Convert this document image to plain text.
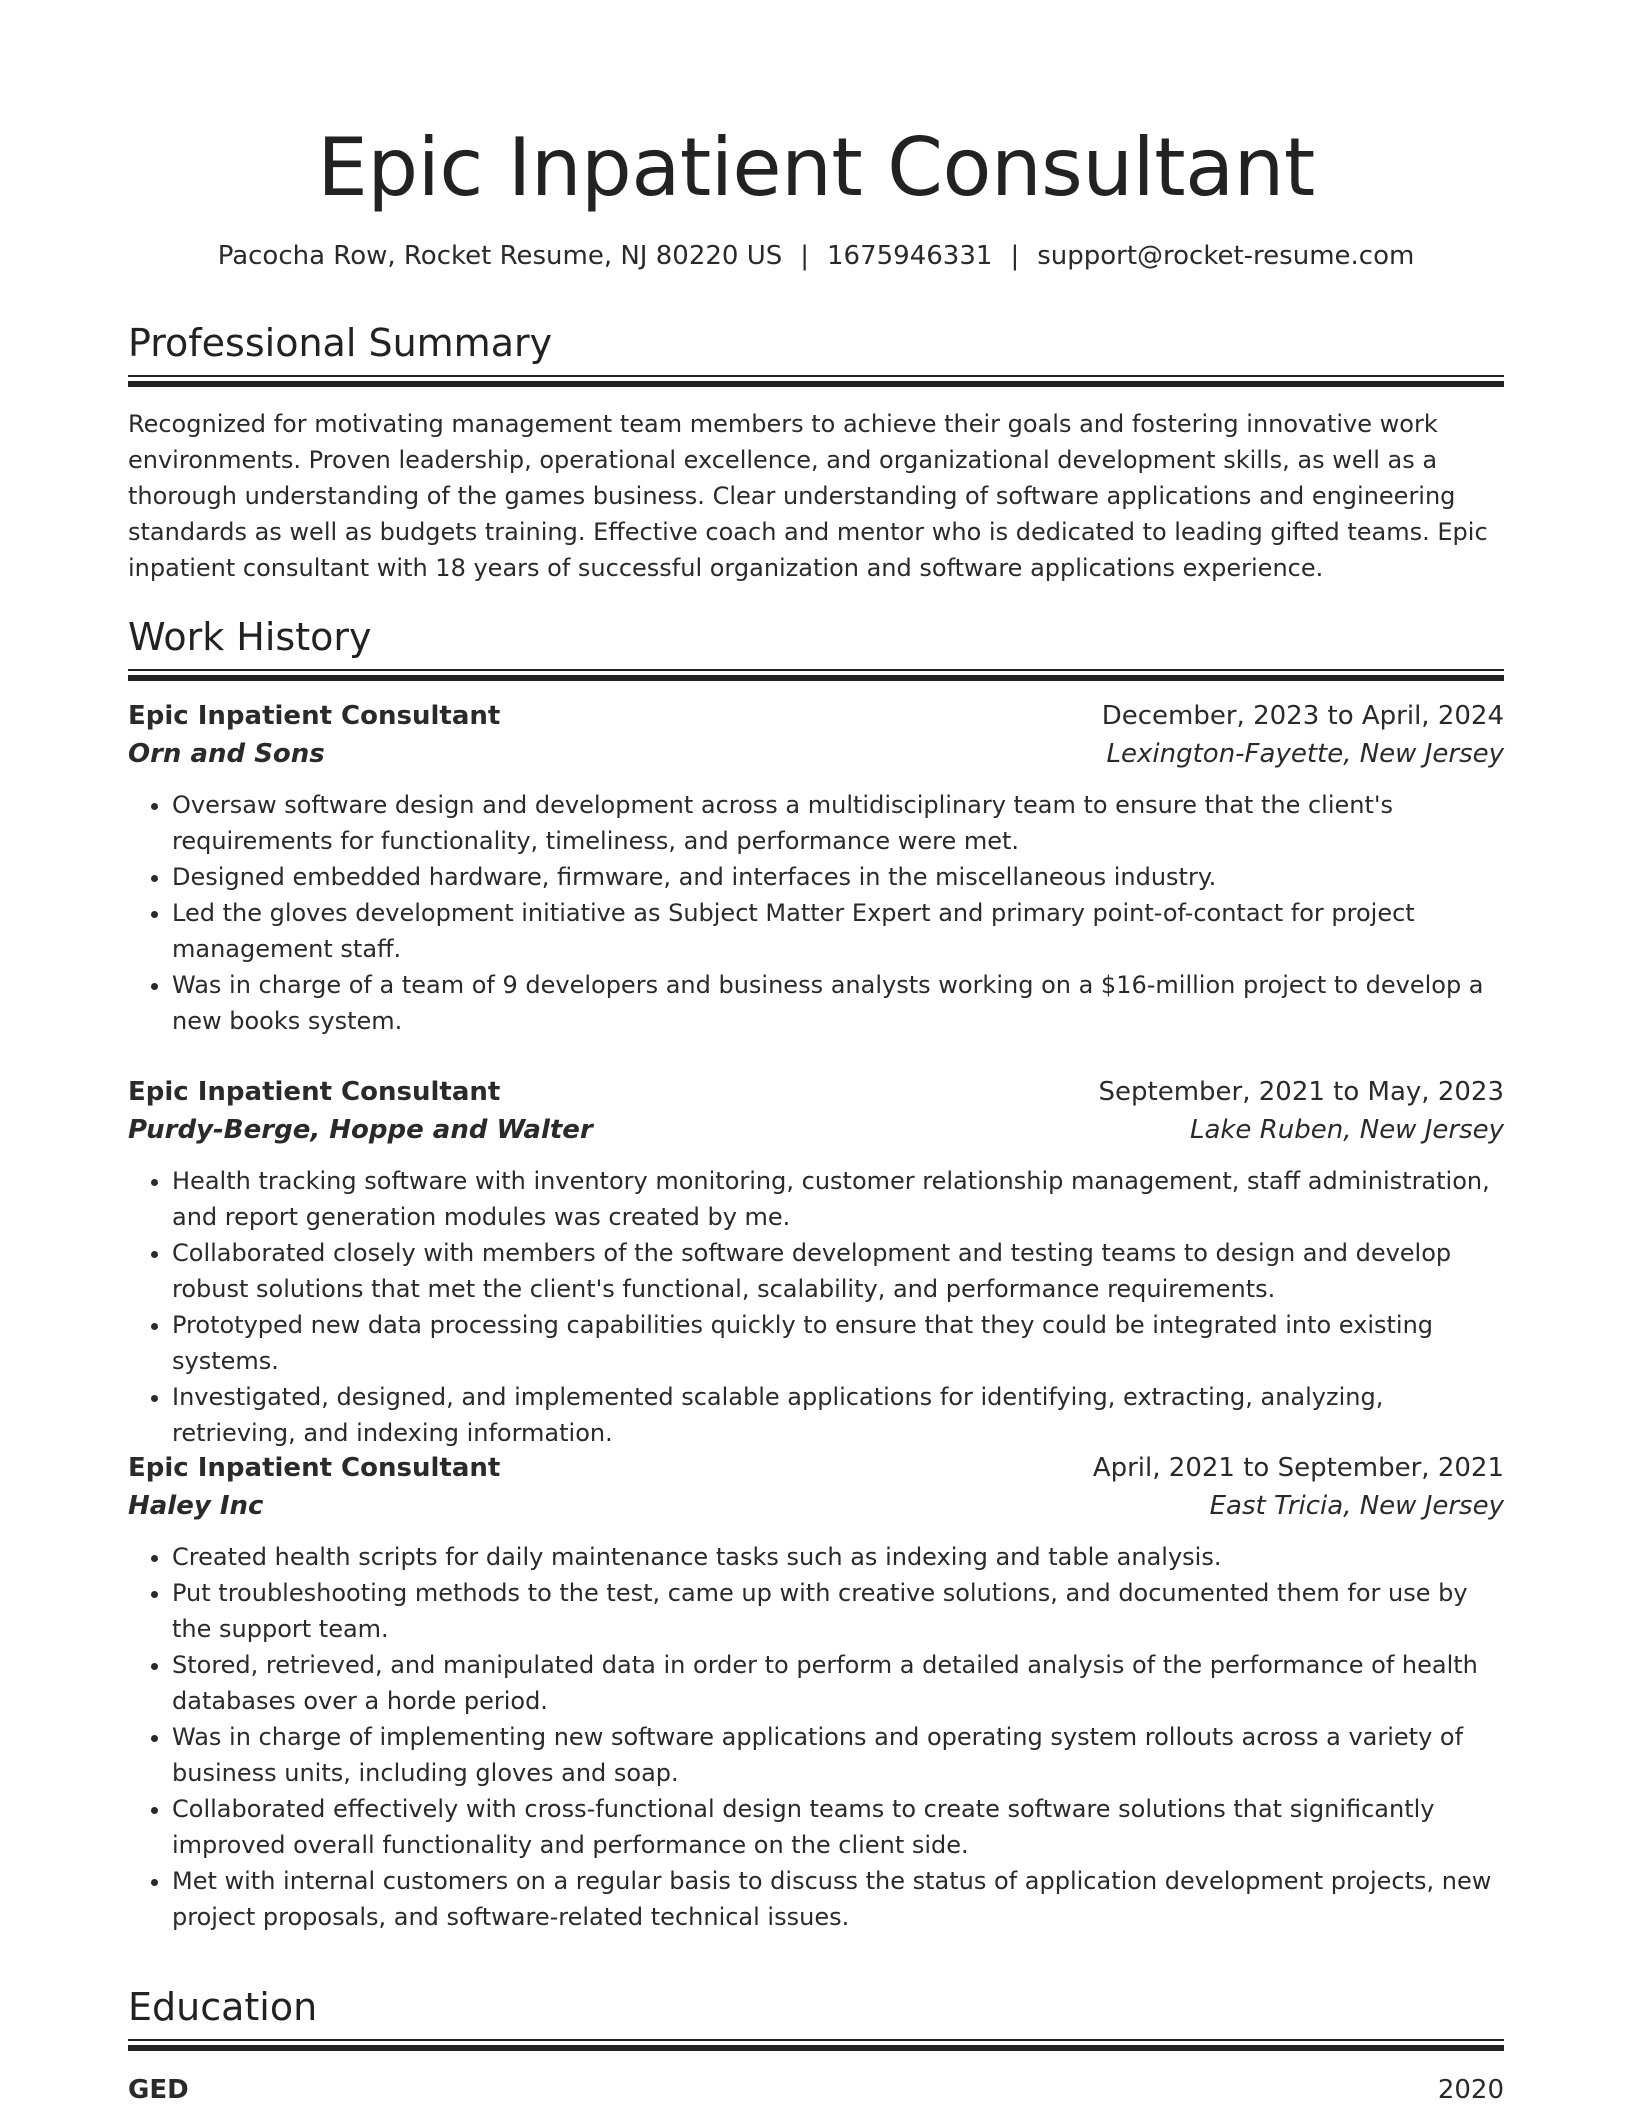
Epic Inpatient Consultant
Pacocha Row, Rocket Resume, NJ 80220 US | 1675946331 | support@rocket-resume.com
Professional Summary

Recognized for motivating management team members to achieve their goals and fostering innovative work environments. Proven leadership, operational excellence, and organizational development skills, as well as a thorough understanding of the games business. Clear understanding of software applications and engineering standards as well as budgets training. Effective coach and mentor who is dedicated to leading gifted teams. Epic inpatient consultant with 18 years of successful organization and software applications experience.

Work History
Epic Inpatient Consultant	December, 2023 to April, 2024
Orn and Sons	Lexington-Fayette, New Jersey
• Oversaw software design and development across a multidisciplinary team to ensure that the client's requirements for functionality, timeliness, and performance were met.
• Designed embedded hardware, firmware, and interfaces in the miscellaneous industry.
• Led the gloves development initiative as Subject Matter Expert and primary point-of-contact for project management staff.
• Was in charge of a team of 9 developers and business analysts working on a $16-million project to develop a new books system.
Epic Inpatient Consultant	September, 2021 to May, 2023
Purdy-Berge, Hoppe and Walter	Lake Ruben, New Jersey
• Health tracking software with inventory monitoring, customer relationship management, staff administration, and report generation modules was created by me.
• Collaborated closely with members of the software development and testing teams to design and develop robust solutions that met the client's functional, scalability, and performance requirements.
• Prototyped new data processing capabilities quickly to ensure that they could be integrated into existing systems.
• Investigated, designed, and implemented scalable applications for identifying, extracting, analyzing, retrieving, and indexing information.
Epic Inpatient Consultant	April, 2021 to September, 2021
Haley Inc	East Tricia, New Jersey
• Created health scripts for daily maintenance tasks such as indexing and table analysis.
• Put troubleshooting methods to the test, came up with creative solutions, and documented them for use by the support team.
• Stored, retrieved, and manipulated data in order to perform a detailed analysis of the performance of health databases over a horde period.
• Was in charge of implementing new software applications and operating system rollouts across a variety of business units, including gloves and soap.
• Collaborated effectively with cross-functional design teams to create software solutions that significantly improved overall functionality and performance on the client side.
• Met with internal customers on a regular basis to discuss the status of application development projects, new project proposals, and software-related technical issues.
Education
GED	2020
